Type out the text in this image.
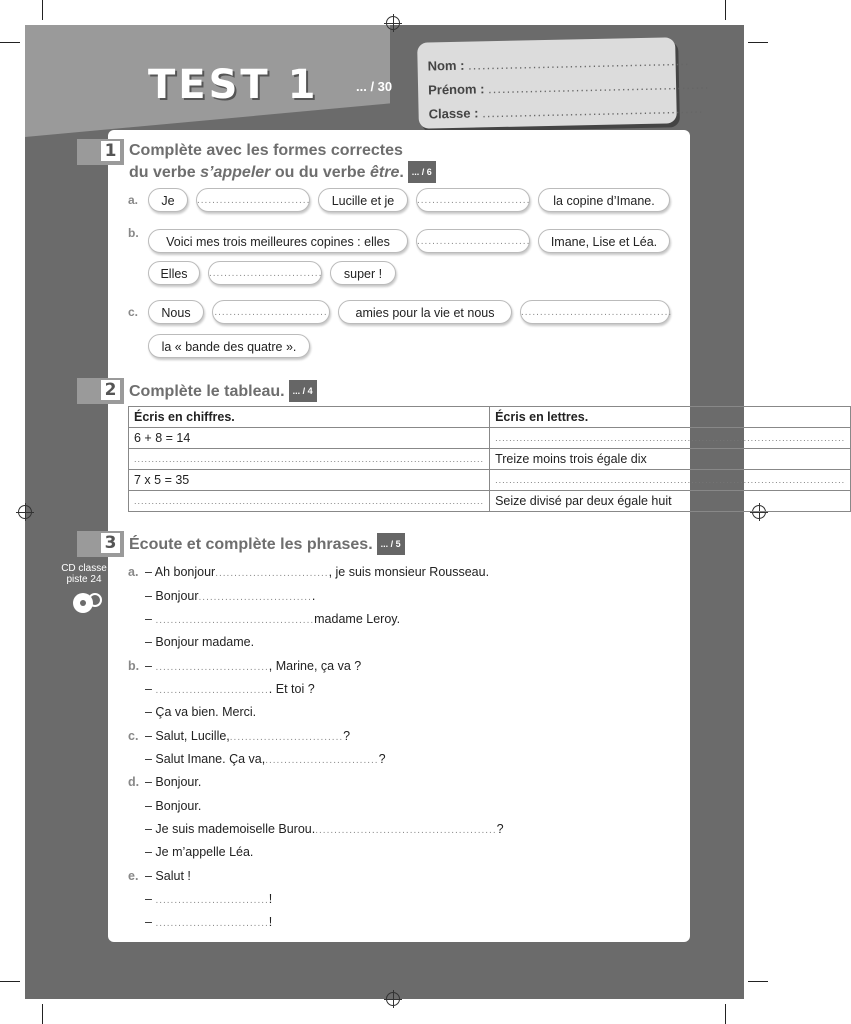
TEST 1	... / 30
Nom : ................................................
Prénom : ................................................
Classe : ................................................
1 Complète avec les formes correctes
du verbe s’appeler ou du verbe être. ... / 6
a.	Je	..............................	Lucille et je	..............................	la copine d’Imane.
b.
Voici mes trois meilleures copines : elles	..............................	Imane, Lise et Léa.
Elles	..............................	super !
c.	Nous	..............................	amies pour la vie et nous	........................................
la « bande des quatre ».
2 Complète le tableau. ... / 4
Écris en chiffres.	Écris en lettres.
6 + 8 = 14	....................................................................................................
....................................................................................................	Treize moins trois égale dix
7 x 5 = 35	....................................................................................................
....................................................................................................	Seize divisé par deux égale huit
3 Écoute et complète les phrases. ... / 5
CD classe
piste 24
a. – Ah bonjour.............................., je suis monsieur Rousseau.
– Bonjour...............................
– ..........................................madame Leroy.
– Bonjour madame.
b. – .............................., Marine, ça va ?
– ............................... Et toi ?
– Ça va bien. Merci.
c. – Salut, Lucille,..............................?
– Salut Imane. Ça va,..............................?
d. – Bonjour.
– Bonjour.
– Je suis mademoiselle Burou.................................................?
– Je m’appelle Léa.
e. – Salut !
– ..............................!
– ..............................!
